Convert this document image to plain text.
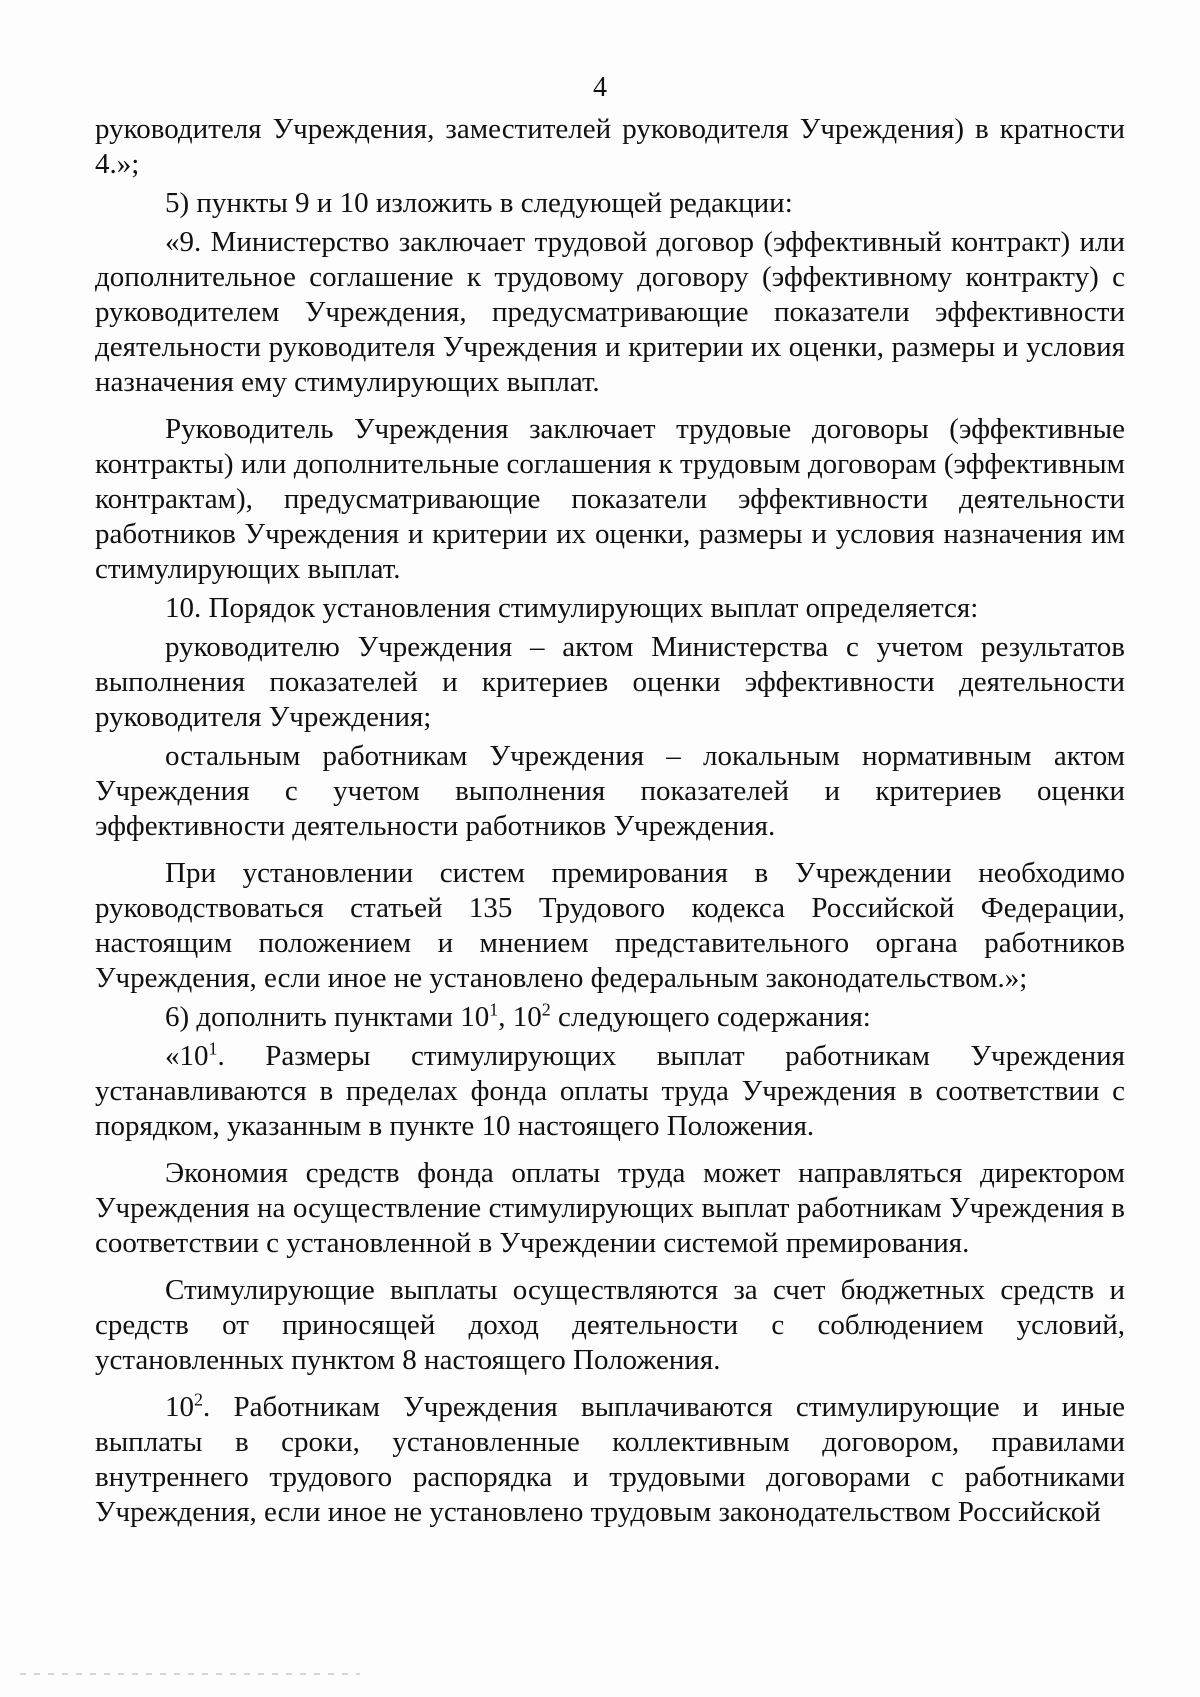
4

руководителя Учреждения, заместителей руководителя Учреждения) в кратности 4.»;

5) пункты 9 и 10 изложить в следующей редакции:

«9. Министерство заключает трудовой договор (эффективный контракт) или дополнительное соглашение к трудовому договору (эффективному контракту) с руководителем Учреждения, предусматривающие показатели эффективности деятельности руководителя Учреждения и критерии их оценки, размеры и условия назначения ему стимулирующих выплат.

Руководитель Учреждения заключает трудовые договоры (эффективные контракты) или дополнительные соглашения к трудовым договорам (эффективным контрактам), предусматривающие показатели эффективности деятельности работников Учреждения и критерии их оценки, размеры и условия назначения им стимулирующих выплат.

10. Порядок установления стимулирующих выплат определяется:

руководителю Учреждения – актом Министерства с учетом результатов выполнения показателей и критериев оценки эффективности деятельности руководителя Учреждения;

остальным работникам Учреждения – локальным нормативным актом Учреждения с учетом выполнения показателей и критериев оценки эффективности деятельности работников Учреждения.

При установлении систем премирования в Учреждении необходимо руководствоваться статьей 135 Трудового кодекса Российской Федерации, настоящим положением и мнением представительного органа работников Учреждения, если иное не установлено федеральным законодательством.»;

6) дополнить пунктами $10^1$, $10^2$ следующего содержания:

«$10^1$. Размеры стимулирующих выплат работникам Учреждения устанавливаются в пределах фонда оплаты труда Учреждения в соответствии с порядком, указанным в пункте 10 настоящего Положения.

Экономия средств фонда оплаты труда может направляться директором Учреждения на осуществление стимулирующих выплат работникам Учреждения в соответствии с установленной в Учреждении системой премирования.

Стимулирующие выплаты осуществляются за счет бюджетных средств и средств от приносящей доход деятельности с соблюдением условий, установленных пунктом 8 настоящего Положения.

$10^2$. Работникам Учреждения выплачиваются стимулирующие и иные выплаты в сроки, установленные коллективным договором, правилами внутреннего трудового распорядка и трудовыми договорами с работниками Учреждения, если иное не установлено трудовым законодательством Российской
